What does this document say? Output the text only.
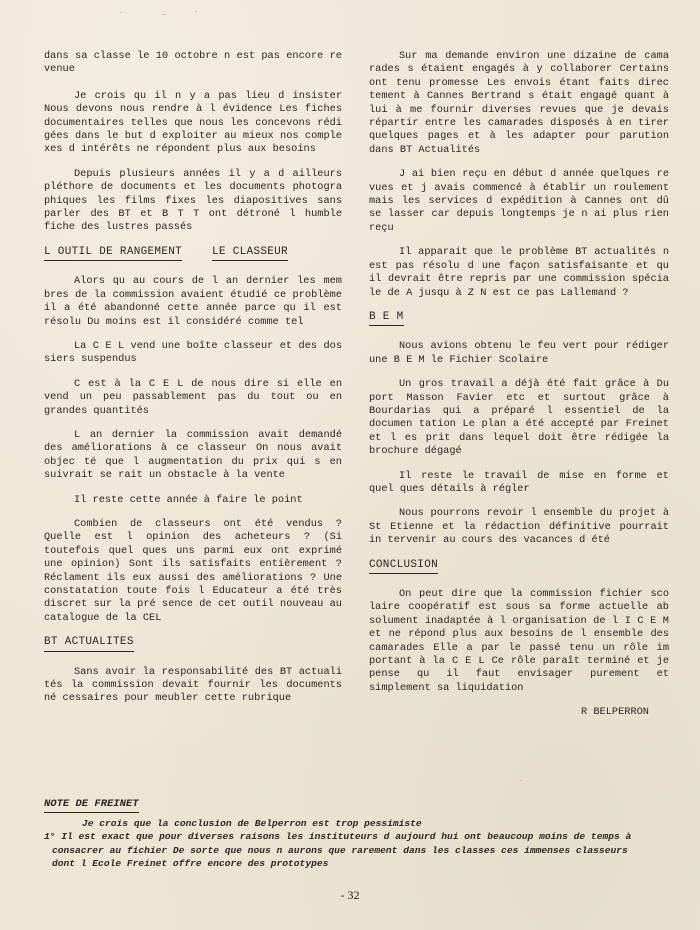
dans sa classe le 10 octobre n est pas encore re venue

Je crois qu il n y a pas lieu d insister Nous devons nous rendre à l évidence Les fiches documentaires telles que nous les concevons rédi gées dans le but d exploiter au mieux nos comple xes d intérêts ne répondent plus aux besoins

Depuis plusieurs années il y a d ailleurs pléthore de documents et les documents photogra phiques les films fixes les diapositives sans parler des BT et B T T ont détroné l humble fiche des lustres passés

L OUTIL DE RANGEMENT	LE CLASSEUR

Alors qu au cours de l an dernier les mem bres de la commission avaient étudié ce problème il a été abandonné cette année parce qu il est résolu Du moins est il considéré comme tel

La C E L vend une boîte classeur et des dos siers suspendus

C est à la C E L de nous dire si elle en vend un peu passablement pas du tout ou en grandes quantités

L an dernier la commission avait demandé des améliorations à ce classeur On nous avait objec té que l augmentation du prix qui s en suivrait se rait un obstacle à la vente

Il reste cette année à faire le point

Combien de classeurs ont été vendus ? Quelle est l opinion des acheteurs ? (Si toutefois quel ques uns parmi eux ont exprimé une opinion) Sont ils satisfaits entièrement ? Réclament ils eux aussi des améliorations ? Une constatation toute fois l Educateur a été très discret sur la pré sence de cet outil nouveau au catalogue de la CEL

BT ACTUALITES

Sans avoir la responsabilité des BT actuali tés la commission devait fournir les documents né cessaires pour meubler cette rubrique

Sur ma demande environ une dizaine de cama rades s étaient engagés à y collaborer Certains ont tenu promesse Les envois étant faits direc tement à Cannes Bertrand s était engagé quant à lui à me fournir diverses revues que je devais répartir entre les camarades disposés à en tirer quelques pages et à les adapter pour parution dans BT Actualités

J ai bien reçu en début d année quelques re vues et j avais commencé à établir un roulement mais les services d expédition à Cannes ont dû se lasser car depuis longtemps je n ai plus rien reçu

Il apparait que le problème BT actualités n est pas résolu d une façon satisfaisante et qu il devrait être repris par une commission spécia le de A jusqu à Z N est ce pas Lallemand ?

B E M

Nous avions obtenu le feu vert pour rédiger une B E M le Fichier Scolaire

Un gros travail a déjà été fait grâce à Du port Masson Favier etc et surtout grâce à Bourdarias qui a préparé l essentiel de la documen tation Le plan a été accepté par Freinet et l es prit dans lequel doit être rédigée la brochure dégagé

Il reste le travail de mise en forme et quel ques détails à régler

Nous pourrons revoir l ensemble du projet à St Etienne et la rédaction définitive pourrait in tervenir au cours des vacances d été

CONCLUSION

On peut dire que la commission fichier sco laire coopératif est sous sa forme actuelle ab solument inadaptée à l organisation de l I C E M et ne répond plus aux besoins de l ensemble des camarades Elle a par le passé tenu un rôle im portant à la C E L Ce rôle paraît terminé et je pense qu il faut envisager purement et simplement sa liquidation

R BELPERRON
NOTE DE FREINET

Je crois que la conclusion de Belperron est trop pessimiste

1° Il est exact que pour diverses raisons les instituteurs d aujourd hui ont beaucoup moins de temps à

consacrer au fichier De sorte que nous n aurons que rarement dans les classes ces immenses classeurs

dont l Ecole Freinet offre encore des prototypes

- 32
